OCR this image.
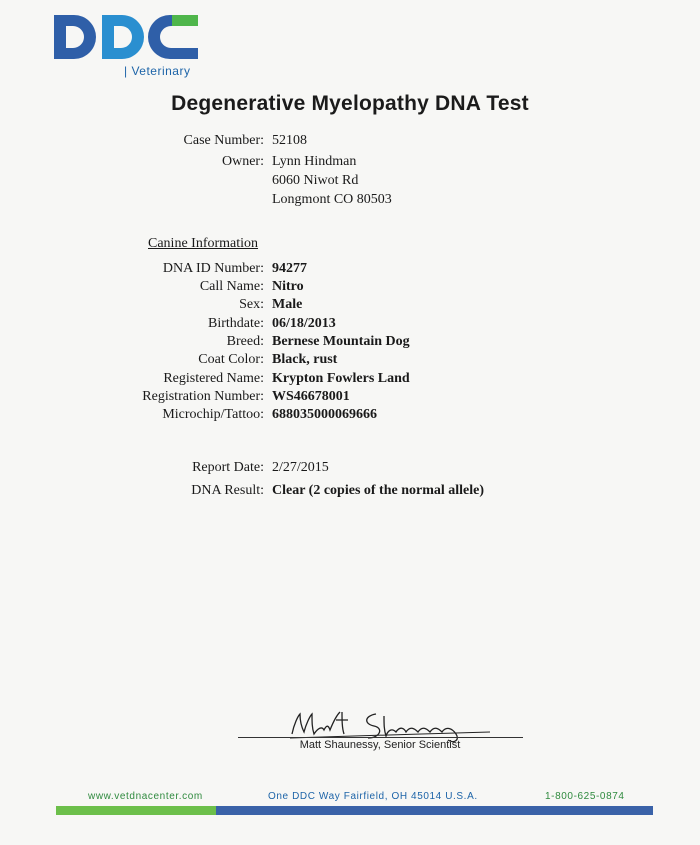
| Veterinary
Degenerative Myelopathy DNA Test
Case Number: 52108
Owner: Lynn Hindman
6060 Niwot Rd
Longmont CO 80503
Canine Information
DNA ID Number: 94277
Call Name: Nitro
Sex: Male
Birthdate: 06/18/2013
Breed: Bernese Mountain Dog
Coat Color: Black, rust
Registered Name: Krypton Fowlers Land
Registration Number: WS46678001
Microchip/Tattoo: 688035000069666
Report Date: 2/27/2015
DNA Result: Clear (2 copies of the normal allele)
Matt Shaunessy, Senior Scientist
www.vetdnacenter.com	One DDC Way Fairfield, OH 45014 U.S.A.	1-800-625-0874
